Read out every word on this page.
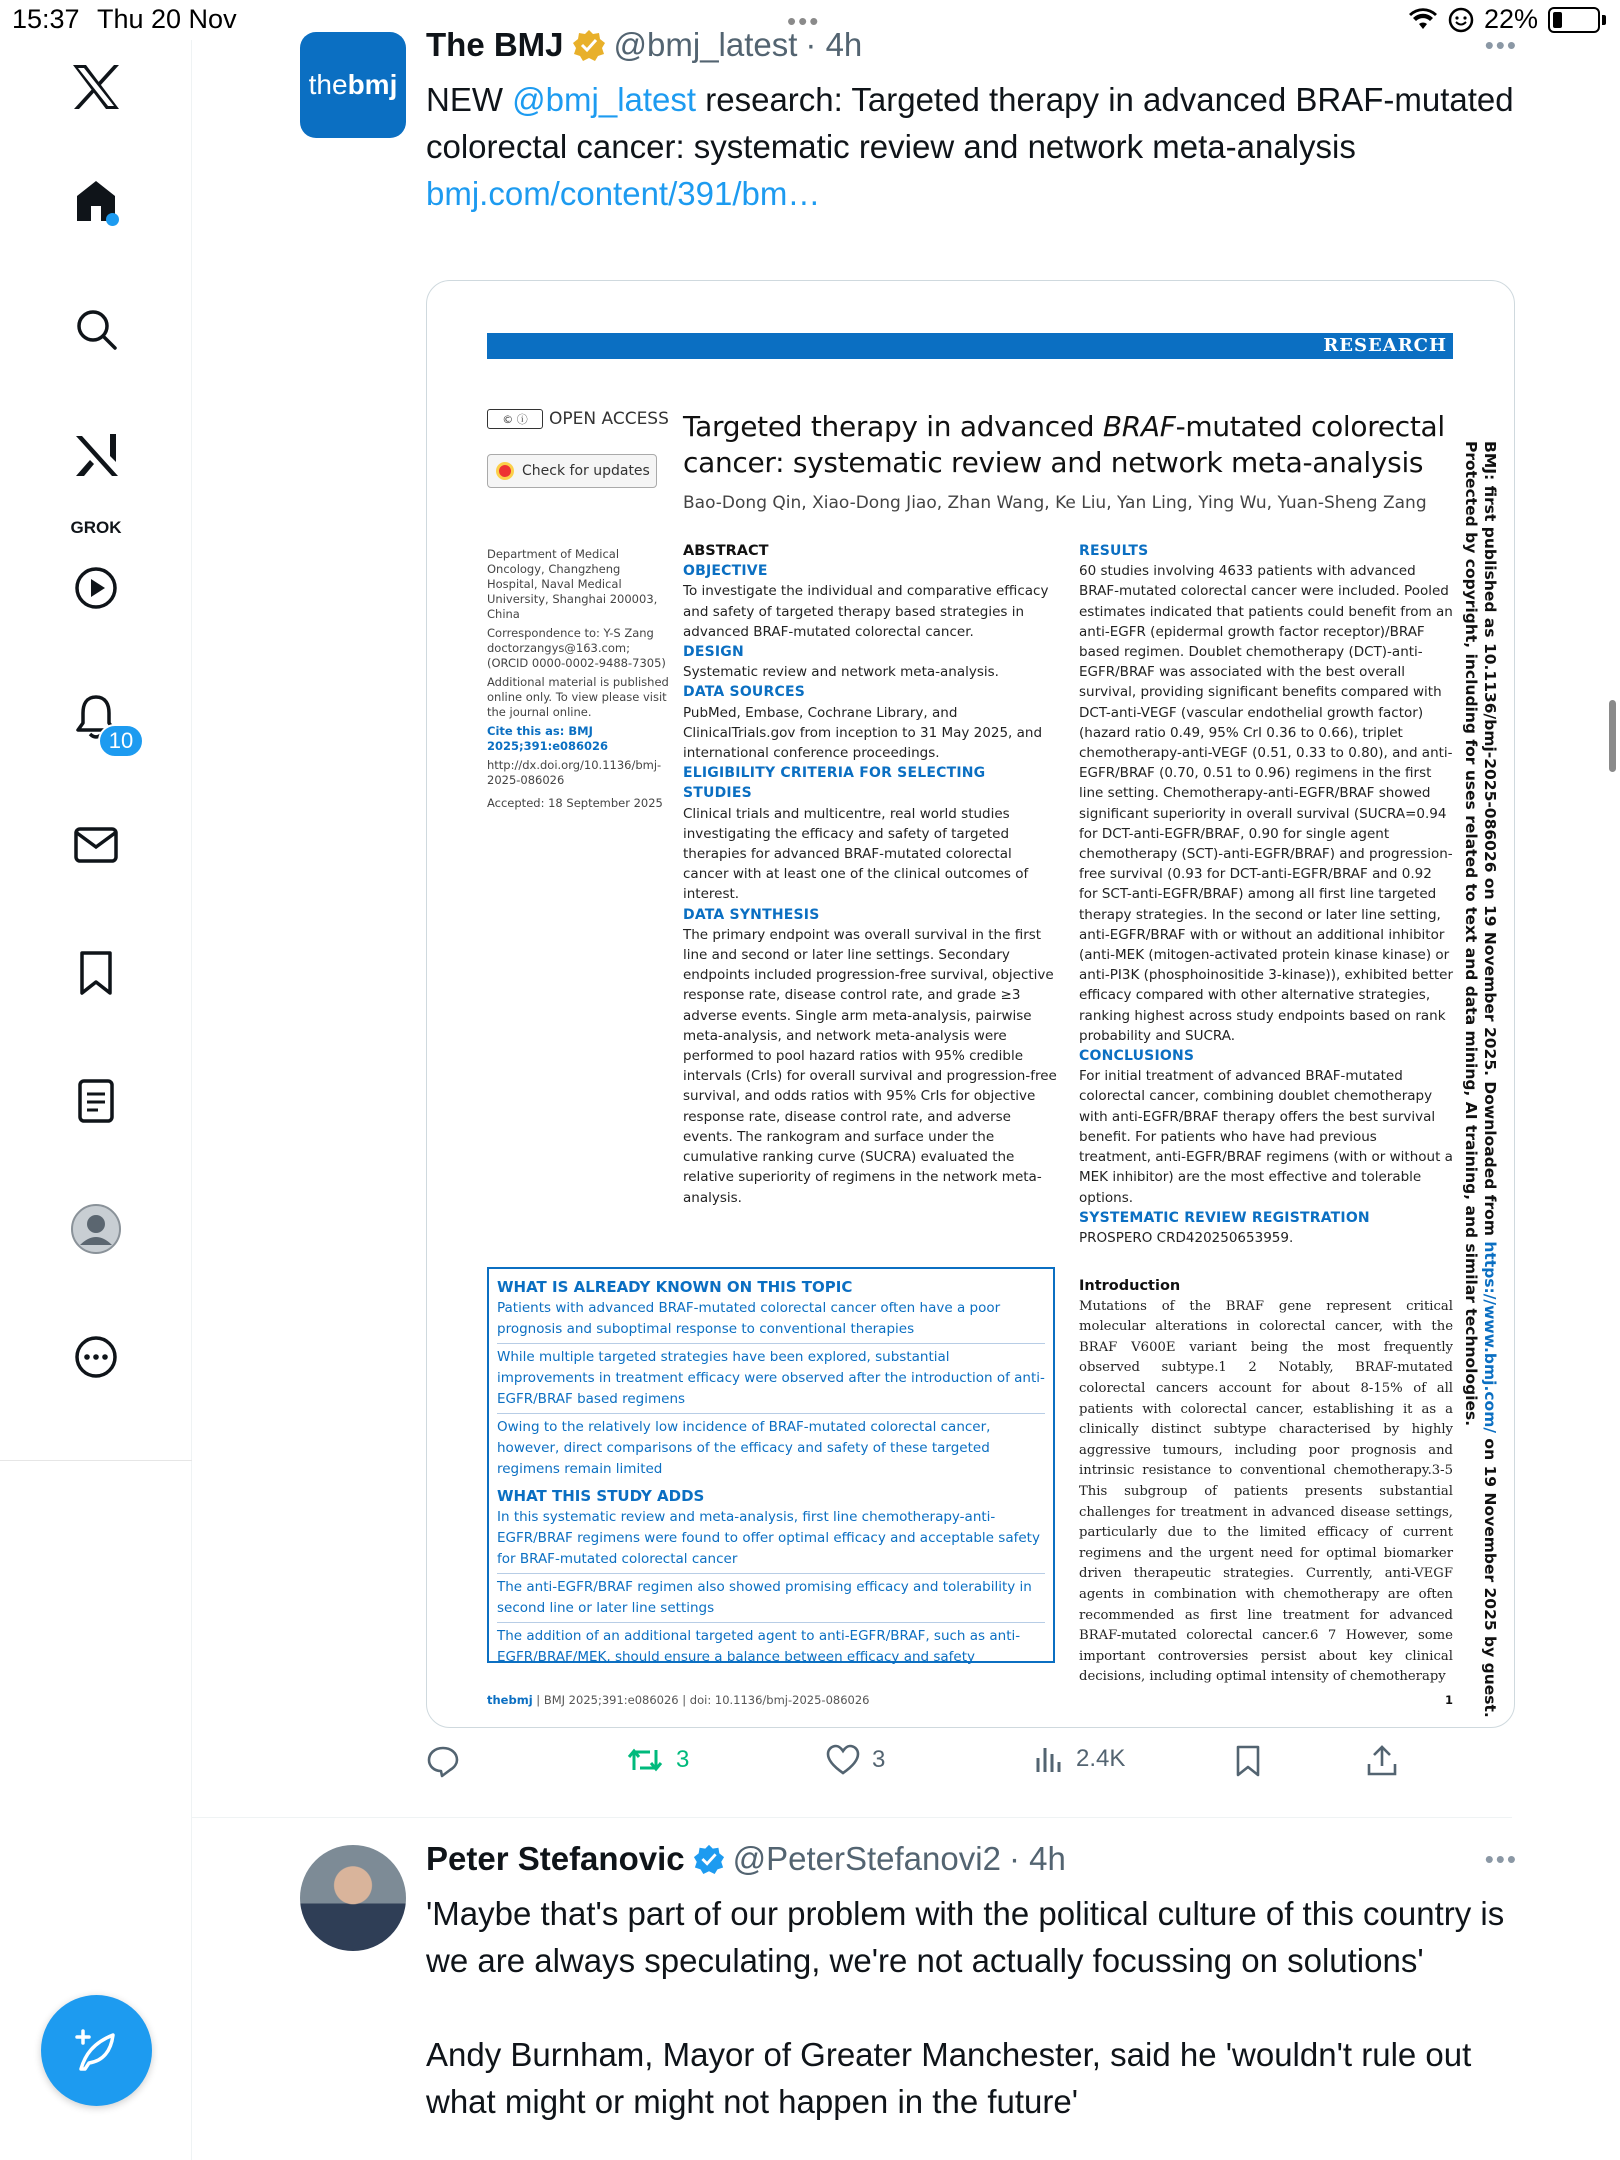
15:37 Thu 20 Nov	•••	22%
GROK
10
the bmj
The BMJ @bmj_latest · 4h	•••
NEW @bmj_latest research: Targeted therapy in advanced BRAF-mutated colorectal cancer: systematic review and network meta-analysis
bmj.com/content/391/bm…
RESEARCH
© ⓘ	OPEN ACCESS
Check for updates
Targeted therapy in advanced BRAF-mutated colorectal cancer: systematic review and network meta-analysis
Bao-Dong Qin, Xiao-Dong Jiao, Zhan Wang, Ke Liu, Yan Ling, Ying Wu, Yuan-Sheng Zang

Department of Medical Oncology, Changzheng Hospital, Naval Medical University, Shanghai 200003, China

Correspondence to: Y-S Zang doctorzangys@163.com; (ORCID 0000-0002-9488-7305)

Additional material is published online only. To view please visit the journal online.

Cite this as: BMJ 2025;391:e086026

http://dx.doi.org/10.1136/bmj-2025-086026

Accepted: 18 September 2025

ABSTRACT
OBJECTIVE
To investigate the individual and comparative efficacy and safety of targeted therapy based strategies in advanced BRAF-mutated colorectal cancer.
DESIGN
Systematic review and network meta-analysis.
DATA SOURCES
PubMed, Embase, Cochrane Library, and ClinicalTrials.gov from inception to 31 May 2025, and international conference proceedings.
ELIGIBILITY CRITERIA FOR SELECTING STUDIES
Clinical trials and multicentre, real world studies investigating the efficacy and safety of targeted therapies for advanced BRAF-mutated colorectal cancer with at least one of the clinical outcomes of interest.
DATA SYNTHESIS
The primary endpoint was overall survival in the first line and second or later line settings. Secondary endpoints included progression-free survival, objective response rate, disease control rate, and grade ≥3 adverse events. Single arm meta-analysis, pairwise meta-analysis, and network meta-analysis were performed to pool hazard ratios with 95% credible intervals (CrIs) for overall survival and progression-free survival, and odds ratios with 95% CrIs for objective response rate, disease control rate, and adverse events. The rankogram and surface under the cumulative ranking curve (SUCRA) evaluated the relative superiority of regimens in the network meta-analysis.
RESULTS
60 studies involving 4633 patients with advanced BRAF-mutated colorectal cancer were included. Pooled estimates indicated that patients could benefit from an anti-EGFR (epidermal growth factor receptor)/BRAF based regimen. Doublet chemotherapy (DCT)-anti-EGFR/BRAF was associated with the best overall survival, providing significant benefits compared with DCT-anti-VEGF (vascular endothelial growth factor) (hazard ratio 0.49, 95% CrI 0.36 to 0.66), triplet chemotherapy-anti-VEGF (0.51, 0.33 to 0.80), and anti-EGFR/BRAF (0.70, 0.51 to 0.96) regimens in the first line setting. Chemotherapy-anti-EGFR/BRAF showed significant superiority in overall survival (SUCRA=0.94 for DCT-anti-EGFR/BRAF, 0.90 for single agent chemotherapy (SCT)-anti-EGFR/BRAF) and progression-free survival (0.93 for DCT-anti-EGFR/BRAF and 0.92 for SCT-anti-EGFR/BRAF) among all first line targeted therapy strategies. In the second or later line setting, anti-EGFR/BRAF with or without an additional inhibitor (anti-MEK (mitogen-activated protein kinase kinase) or anti-PI3K (phosphoinositide 3-kinase)), exhibited better efficacy compared with other alternative strategies, ranking highest across study endpoints based on rank probability and SUCRA.
CONCLUSIONS
For initial treatment of advanced BRAF-mutated colorectal cancer, combining doublet chemotherapy with anti-EGFR/BRAF therapy offers the best survival benefit. For patients who have had previous treatment, anti-EGFR/BRAF regimens (with or without a MEK inhibitor) are the most effective and tolerable options.
SYSTEMATIC REVIEW REGISTRATION
PROSPERO CRD420250653959.
Introduction
Mutations of the BRAF gene represent critical molecular alterations in colorectal cancer, with the BRAF V600E variant being the most frequently observed subtype.1 2 Notably, BRAF-mutated colorectal cancers account for about 8-15% of all patients with colorectal cancer, establishing it as a clinically distinct subtype characterised by highly aggressive tumours, including poor prognosis and intrinsic resistance to conventional chemotherapy.3-5 This subgroup of patients presents substantial challenges for treatment in advanced disease settings, particularly due to the limited efficacy of current regimens and the urgent need for optimal biomarker driven therapeutic strategies. Currently, anti-VEGF agents in combination with chemotherapy are often recommended as first line treatment for advanced BRAF-mutated colorectal cancer.6 7 However, some important controversies persist about key clinical decisions, including optimal intensity of chemotherapy
WHAT IS ALREADY KNOWN ON THIS TOPIC
Patients with advanced BRAF-mutated colorectal cancer often have a poor prognosis and suboptimal response to conventional therapies
While multiple targeted strategies have been explored, substantial improvements in treatment efficacy were observed after the introduction of anti-EGFR/BRAF based regimens
Owing to the relatively low incidence of BRAF-mutated colorectal cancer, however, direct comparisons of the efficacy and safety of these targeted regimens remain limited
WHAT THIS STUDY ADDS
In this systematic review and meta-analysis, first line chemotherapy-anti-EGFR/BRAF regimens were found to offer optimal efficacy and acceptable safety for BRAF-mutated colorectal cancer
The anti-EGFR/BRAF regimen also showed promising efficacy and tolerability in second line or later line settings
The addition of an additional targeted agent to anti-EGFR/BRAF, such as anti-EGFR/BRAF/MEK, should ensure a balance between efficacy and safety
thebmj | BMJ 2025;391:e086026 | doi: 10.1136/bmj-2025-086026	1
BMJ: first published as 10.1136/bmj-2025-086026 on 19 November 2025. Downloaded from https://www.bmj.com/ on 19 November 2025 by guest.
Protected by copyright, including for uses related to text and data mining, AI training, and similar technologies.
3	3	2.4K
Peter Stefanovic @PeterStefanovi2 · 4h	•••

'Maybe that's part of our problem with the political culture of this country is we are always speculating, we're not actually focussing on solutions'

Andy Burnham, Mayor of Greater Manchester, said he 'wouldn't rule out what might or might not happen in the future'
